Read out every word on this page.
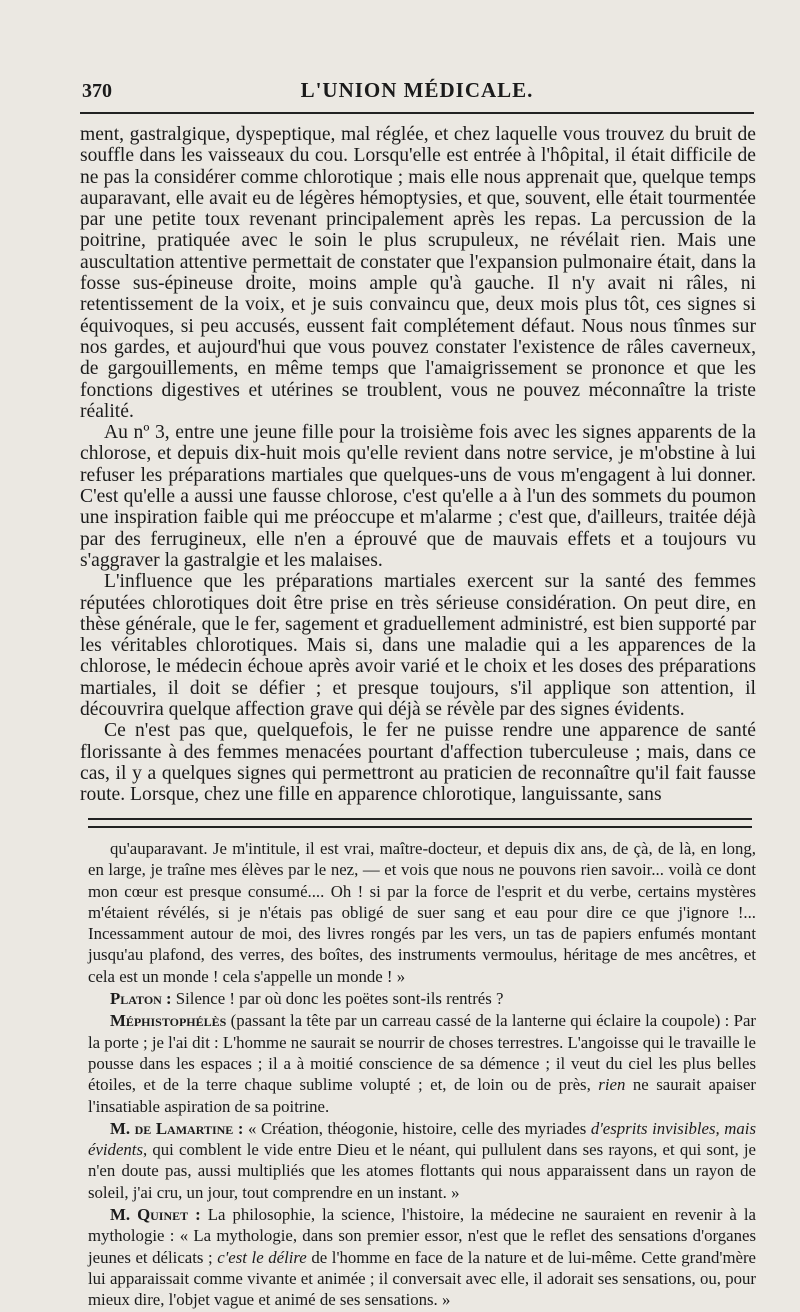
370	L'UNION MÉDICALE.

ment, gastralgique, dyspeptique, mal réglée, et chez laquelle vous trouvez du bruit de souffle dans les vaisseaux du cou. Lorsqu'elle est entrée à l'hôpital, il était difficile de ne pas la considérer comme chlorotique ; mais elle nous apprenait que, quelque temps auparavant, elle avait eu de légères hémoptysies, et que, souvent, elle était tourmentée par une petite toux revenant principalement après les repas. La percussion de la poitrine, pratiquée avec le soin le plus scrupuleux, ne révélait rien. Mais une auscultation attentive permettait de constater que l'expansion pulmonaire était, dans la fosse sus-épineuse droite, moins ample qu'à gauche. Il n'y avait ni râles, ni retentissement de la voix, et je suis convaincu que, deux mois plus tôt, ces signes si équivoques, si peu accusés, eussent fait complétement défaut. Nous nous tînmes sur nos gardes, et aujourd'hui que vous pouvez constater l'existence de râles caverneux, de gargouillements, en même temps que l'amaigrissement se prononce et que les fonctions digestives et utérines se troublent, vous ne pouvez méconnaître la triste réalité.

Au nº 3, entre une jeune fille pour la troisième fois avec les signes apparents de la chlorose, et depuis dix-huit mois qu'elle revient dans notre service, je m'obstine à lui refuser les préparations martiales que quelques-uns de vous m'engagent à lui donner. C'est qu'elle a aussi une fausse chlorose, c'est qu'elle a à l'un des sommets du poumon une inspiration faible qui me préoccupe et m'alarme ; c'est que, d'ailleurs, traitée déjà par des ferrugineux, elle n'en a éprouvé que de mauvais effets et a toujours vu s'aggraver la gastralgie et les malaises.

L'influence que les préparations martiales exercent sur la santé des femmes réputées chlorotiques doit être prise en très sérieuse considération. On peut dire, en thèse générale, que le fer, sagement et graduellement administré, est bien supporté par les véritables chlorotiques. Mais si, dans une maladie qui a les apparences de la chlorose, le médecin échoue après avoir varié et le choix et les doses des préparations martiales, il doit se défier ; et presque toujours, s'il applique son attention, il découvrira quelque affection grave qui déjà se révèle par des signes évidents.

Ce n'est pas que, quelquefois, le fer ne puisse rendre une apparence de santé florissante à des femmes menacées pourtant d'affection tuberculeuse ; mais, dans ce cas, il y a quelques signes qui permettront au praticien de reconnaître qu'il fait fausse route. Lorsque, chez une fille en apparence chlorotique, languissante, sans

qu'auparavant. Je m'intitule, il est vrai, maître-docteur, et depuis dix ans, de çà, de là, en long, en large, je traîne mes élèves par le nez, — et vois que nous ne pouvons rien savoir... voilà ce dont mon cœur est presque consumé.... Oh ! si par la force de l'esprit et du verbe, certains mystères m'étaient révélés, si je n'étais pas obligé de suer sang et eau pour dire ce que j'ignore !... Incessamment autour de moi, des livres rongés par les vers, un tas de papiers enfumés montant jusqu'au plafond, des verres, des boîtes, des instruments vermoulus, héritage de mes ancêtres, et cela est un monde ! cela s'appelle un monde ! »

Platon : Silence ! par où donc les poëtes sont-ils rentrés ?

Méphistophélès (passant la tête par un carreau cassé de la lanterne qui éclaire la coupole) : Par la porte ; je l'ai dit : L'homme ne saurait se nourrir de choses terrestres. L'angoisse qui le travaille le pousse dans les espaces ; il a à moitié conscience de sa démence ; il veut du ciel les plus belles étoiles, et de la terre chaque sublime volupté ; et, de loin ou de près, rien ne saurait apaiser l'insatiable aspiration de sa poitrine.

M. de Lamartine : « Création, théogonie, histoire, celle des myriades d'esprits invisibles, mais évidents, qui comblent le vide entre Dieu et le néant, qui pullulent dans ses rayons, et qui sont, je n'en doute pas, aussi multipliés que les atomes flottants qui nous apparaissent dans un rayon de soleil, j'ai cru, un jour, tout comprendre en un instant. »

M. Quinet : La philosophie, la science, l'histoire, la médecine ne sauraient en revenir à la mythologie : « La mythologie, dans son premier essor, n'est que le reflet des sensations d'organes jeunes et délicats ; c'est le délire de l'homme en face de la nature et de lui-même. Cette grand'mère lui apparaissait comme vivante et animée ; il conversait avec elle, il adorait ses sensations, ou, pour mieux dire, l'objet vague et animé de ses sensations. »
